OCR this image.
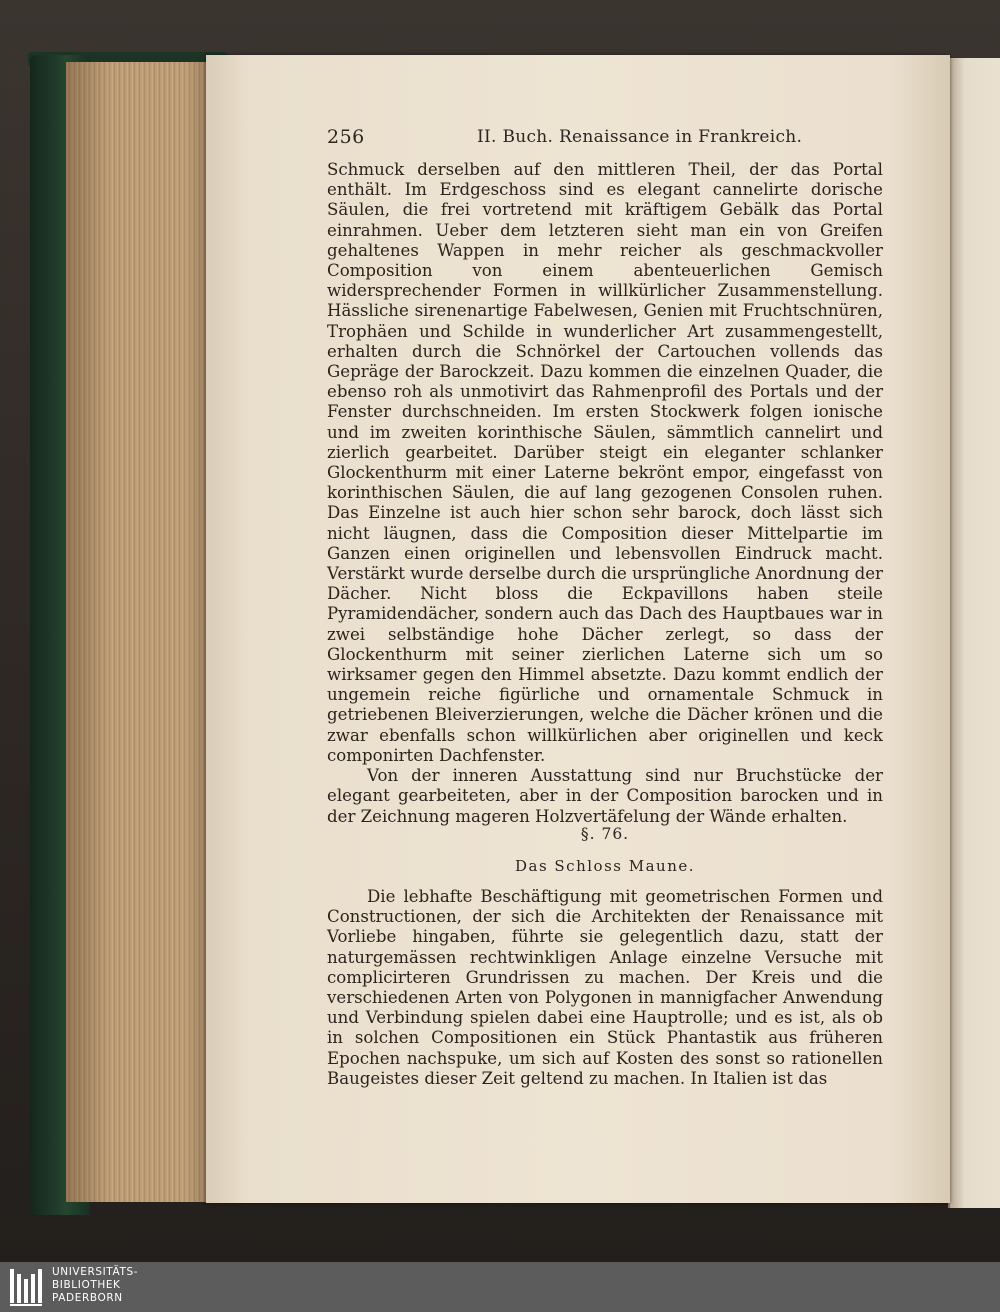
256	II. Buch. Renaissance in Frankreich.

Schmuck derselben auf den mittleren Theil, der das Portal enthält. Im Erdgeschoss sind es elegant cannelirte dorische Säulen, die frei vortretend mit kräftigem Gebälk das Portal einrahmen. Ueber dem letzteren sieht man ein von Greifen gehaltenes Wappen in mehr reicher als geschmackvoller Composition von einem abenteuerlichen Gemisch widersprechender Formen in willkürlicher Zusammenstellung. Hässliche sirenenartige Fabelwesen, Genien mit Fruchtschnüren, Trophäen und Schilde in wunderlicher Art zusammengestellt, erhalten durch die Schnörkel der Cartouchen vollends das Gepräge der Barockzeit. Dazu kommen die einzelnen Quader, die ebenso roh als unmotivirt das Rahmenprofil des Portals und der Fenster durchschneiden. Im ersten Stockwerk folgen ionische und im zweiten korinthische Säulen, sämmtlich cannelirt und zierlich gearbeitet. Darüber steigt ein eleganter schlanker Glockenthurm mit einer Laterne bekrönt empor, eingefasst von korinthischen Säulen, die auf lang gezogenen Consolen ruhen. Das Einzelne ist auch hier schon sehr barock, doch lässt sich nicht läugnen, dass die Composition dieser Mittelpartie im Ganzen einen originellen und lebensvollen Eindruck macht. Verstärkt wurde derselbe durch die ursprüngliche Anordnung der Dächer. Nicht bloss die Eckpavillons haben steile Pyramidendächer, sondern auch das Dach des Hauptbaues war in zwei selbständige hohe Dächer zerlegt, so dass der Glockenthurm mit seiner zierlichen Laterne sich um so wirksamer gegen den Himmel absetzte. Dazu kommt endlich der ungemein reiche figürliche und ornamentale Schmuck in getriebenen Bleiverzierungen, welche die Dächer krönen und die zwar ebenfalls schon willkürlichen aber originellen und keck componirten Dachfenster.

Von der inneren Ausstattung sind nur Bruchstücke der elegant gearbeiteten, aber in der Composition barocken und in der Zeichnung mageren Holzvertäfelung der Wände erhalten.

§. 76.
Das Schloss Maune.

Die lebhafte Beschäftigung mit geometrischen Formen und Constructionen, der sich die Architekten der Renaissance mit Vorliebe hingaben, führte sie gelegentlich dazu, statt der naturgemässen rechtwinkligen Anlage einzelne Versuche mit complicirteren Grundrissen zu machen. Der Kreis und die verschiedenen Arten von Polygonen in mannigfacher Anwendung und Verbindung spielen dabei eine Hauptrolle; und es ist, als ob in solchen Compositionen ein Stück Phantastik aus früheren Epochen nachspuke, um sich auf Kosten des sonst so rationellen Baugeistes dieser Zeit geltend zu machen. In Italien ist das

UNIVERSITÄTS-
BIBLIOTHEK
PADERBORN
